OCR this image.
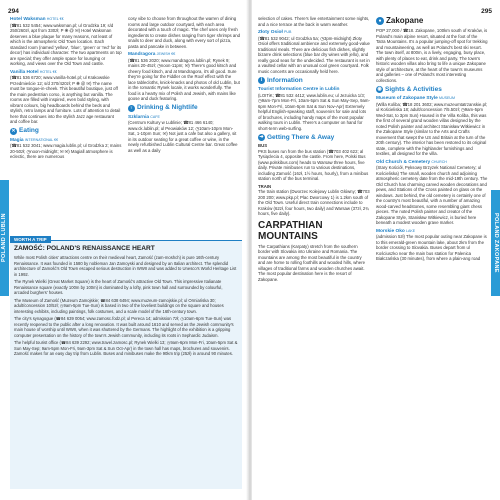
294
POLAND LUBLIN

Hotel Waksman HOTEL €€
(☎81 532 5454; www.waksman.pl; ul Grodzka 19; s/d 250/260zł, apt from 330zł; P ❋ @ ✉) Hotel Waksman deserves a blue plaque for many reasons, not least of which is the atmospheric Old Town location. Each standard room (named 'yellow', 'blue', 'green' or 'red' for its decor) has individual character. The two apartments on top are special; they offer ample space for lounging or working, and views over the Old Town and castle.

Vanilla Hotel HOTEL €€
(☎81 536 6720; www.vanilla-hotel.pl; ul Krakowskie Przedmieście 12; s/d 370/420zł; P ❋ @ ✉) The name must be tongue-in-cheek. This beautiful boutique, just off the main pedestrian corso, is anything but vanilla. The rooms are filled with inspired, even bold styling, with vibrant colours, big headboards behind the beds and stylish, retro lamps and furniture. Lots of attention to detail here that continues into the stylish Jazz age restaurant and coffee bar.

✕ Eating

Magia INTERNATIONAL €€
(☎81 532 3041; www.magia.lublin.pl; ul Grodzka 2; mains 20-50zł; ◷noon-midnight; ✉ ✉) Magiall atmosphere is eclectic, there are numerous

cosy vibe to choose from throughout the warren of dining rooms and large outdoor courtyard, with each area decorated with a touch of magic. The chef uses only fresh ingredients to create dishes ranging from tiger shrimps and snails to deer and duck, along with every sort of pizza, pasta and pancake in between.

Mandragora JEWISH €€
(☎81 536 2020; www.mandragora.lublin.pl; Rynek 9; mains 20-45zł; ◷noon-11pm; ✉) There's good kitsch and cheery food kitsch, and at Mandragora, it's all good. Sure they're going for the Fiddler on the Roof effect with the lace tablecloths, knick-knacks and photos of old Lublin, but in the romantic Rynek locale, it works wonderfully. The food is a hearty mix of Polish and Jewish, with mains like goose and duck featuring.

♀ Drinking & Nightlife

Szklarnia CAFE
(Centrum Kultury w Lublinie; ☎81 466 6140; www.ck.lublin.pl; ul Peowiaków 12; ◷10am-10pm Mon-Sat, 1-10pm Sun; ✉) Not just a cafe but also a gallery, sit in its outdoor seating for a great coffee or wine, in the newly refurbished Lublin Cultural Centre bar. Great coffee as well as a daily

WORTH A TRIP
ZAMOŚĆ: POLAND'S RENAISSANCE HEART

While most Polish cities' attractions centre on their medieval heart, Zamość (zam-moshch) is pure 16th-century Renaissance. It was founded in 1580 by nobleman Jan Zamoyski and designed by an Italian architect. The splendid architecture of Zamość's Old Town escaped serious destruction in WWII and was added to Unesco's World Heritage List in 1992.

The Rynek Wielki (Great Market Square) is the heart of Zamość's attractive Old Town. This impressive Italianate Renaissance square (exactly 100m by 100m) is dominated by a lofty, pink town hall and surrounded by colourful, arcaded burghers' houses.

The Museum of Zamość (Muzeum Zamojskie; ☎84 638 6494; www.muzeum-zamojskie.pl; ul Ormiańska 30; adult/concession 10/5zł; ◷9am-5pm Tue-Sun) is based in two of the loveliest buildings on the square and houses interesting exhibits, including paintings, folk costumes, and a scale model of the 16th-century town.

The city's synagogue (☎84 639 0054; www.zamosc.fodz.pl; ul Pereca 14; admission 7zł; ◷10am-6pm Tue-Sun) was recently reopened to the public after a long renovation. It was built around 1610 and served as the Jewish community's main house of worship until WWII, when it was shuttered by the Germans. The highlight of the exhibition is a gripping computer presentation on the history of the town's Jewish community, including its roots in Sephardic Judaism.

The helpful tourist office (☎84 639 2292; www.travel.zamosc.pl; Rynek Wielki 13; ◷9am-6pm Mon-Fri, 10am-5pm Sat & Sun May-Sep; 9am-5pm Mon-Fri, 9am-3pm Sat & Sun Oct-Apr) in the town hall has maps, brochures and souvenirs. Zamość makes for an easy day trip from Lublin. Buses and minibuses make the 90km trip (25zł) in around 90 minutes.

295
POLAND ZAKOPANE

selection of cakes. There's live entertainment some nights, and a nice terrace at the back in warm weather.

Złoty Osioł PUB
(☎81 532 9042; ul Grodzka 5a; ◷3pm-midnight) Złoty Osioł offers traditional ambience and extremely good-value traditional meals. There are delicious fish dishes, slightly bizarre drink selections (blue bar dry wines with jello), and really good seas for the undecided. The restaurant is set in a vaulted cellar with an unusual cool green courtyard. Folk music concerts are occasionally held here.

i Information

Tourist Information Centre in Lublin
(LOITiK; ☎81 532 4412; www.lublin.eu; ul Jezuicka 1/3; ◷9am-7pm Mon-Fri, 10am-5pm Sat & Sun May-Sep, 9am-6pm Mon-Fri, 10am-5pm Sat & Sun Nov-Apr) Extremely helpful English-speaking staff, souvenirs for sale and lots of brochures, including handy maps of the most popular walking tours in Lublin. There's a computer on hand for short-term web-surfing.

➜ Getting There & Away

BUS

PKS buses run from the bus station (☎703 402 622; al Tysiąclecia 4, opposite the castle. From here, Polski Bus (www.polskibus.com) heads to Warsaw three hours, five daily. Private minibuses run to various destinations, including Zamość (16zł, 1½ hours, hourly), from a minibus station north of the bus terminal.

TRAIN

The train station (Dworzec Kolejowy Lublin Główny; ☎703 200 200; www.pkp.pl; Plac Dworcowy 1) is 1.2km south of the Old Town. Useful direct train connections include to Kraków (62zł, four hours, two daily) and Warsaw (37zł, 2¾ hours, five daily).

CARPATHIAN MOUNTAINS

The Carpathians (Karpaty) stretch from the southern border with Slovakia into Ukraine and Romania. The mountains are among the most beautiful in the country and are home to rolling foothills and wooded hills, where villages of traditional farms and wooden churches await. The most popular destination here is the resort of Zakopane.

● Zakopane

POP 27,000 / ☎18. Zakopane, 100km south of Kraków, is Poland's main alpine resort, situated at the foot of the Tatra Mountains. It's a popular jumping-off spot for trekking and mountaineering, as well as Poland's best ski resort. The town itself, at 800m, is a lively, engaging, busy place, with plenty of places to eat, drink and party. The town's historic wooden villas also bring to life a unique Zakopane style of architecture, at the heart of the town's museums and galleries – one of Poland's most interesting collections.

◉ Sights & Activities

Museum of Zakopane Style MUSEUM
(Willa Koliba; ☎18 201 3602; www.muzeumtatrzanskie.pl; ul Kościeliska 18; adult/concession 7/5.50zł; ◷9am-5pm Wed-Sat, to 3pm Sun) Housed in the Villa Koliba, this was the first of several grand wooden villas designed by the noted Polish painter and architect Stanisław Witkiewicz in the Zakopane Style (similar to the Arts and Crafts movement that swept the US and Britain at the turn of the 20th century). The interior has been restored to its original state, complete with the highlander furnishings and textiles, all designed for the villa.

Old Church & Cemetery CHURCH
(Stary Kościół, Pęksowy Brzyzek National Cemetery; ul Kościeliska) The small, wooden church and adjoining atmospheric cemetery date from the mid-19th century. The Old Church has charming carved wooden decorations and pews, and Stations of the Cross painted on glass on the windows. Just behind, the old cemetery is certainly one of the country's most beautiful, with a number of amazing wood-carved headstones, some resembling giant chess pieces. The noted Polish painter and creator of the Zakopane Style, Stanisław Witkiewicz, is buried here beneath a modest wooden grave marker.

Morskie Oko LAKE
(admission 5zł) The most popular outing near Zakopane is to this emerald-green mountain lake, about 2km from the border crossing to Slovakia. Buses depart from ul Kościuszko near the main bus station for Palenica Białczańska (30 minutes), from where a plain-ang road
